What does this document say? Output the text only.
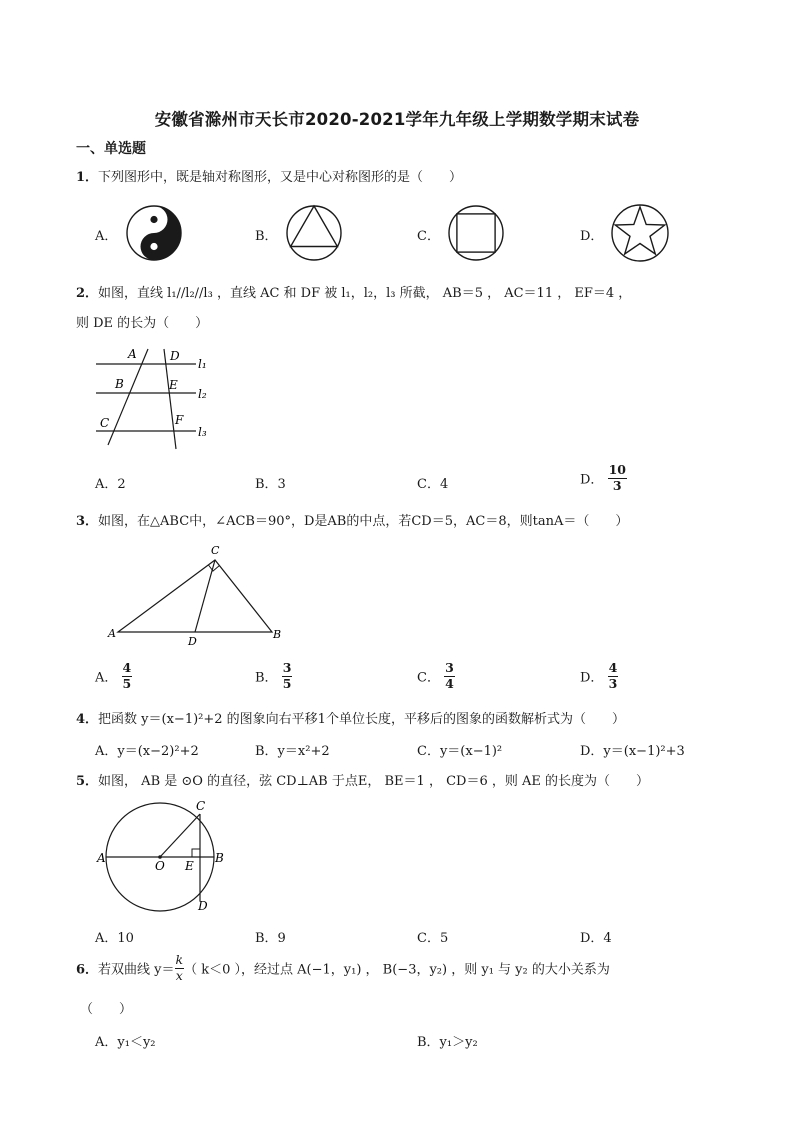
安徽省滁州市天长市2020-2021学年九年级上学期数学期末试卷
一、单选题
1．下列图形中，既是轴对称图形，又是中心对称图形的是（　　）
A．	B．	C．	D．
2．如图，直线 l₁//l₂//l₃ ，直线 AC 和 DF 被 l₁，l₂，l₃ 所截， AB＝5 ， AC＝11 ， EF＝4 ，
则 DE 的长为（　　）
A	D
B	E
C	F
l₁
l₂
l₃
A．2	B．3	C．4	D． $\frac{10}{3}$
3．如图，在△ABC中，∠ACB＝90°，D是AB的中点，若CD＝5，AC＝8，则tanA＝（　　）
C
A
D
B
A． $\frac{4}{5}$	B． $\frac{3}{5}$	C． $\frac{3}{4}$	D． $\frac{4}{3}$
4．把函数 y＝(x−1)²+2 的图象向右平移1个单位长度，平移后的图象的函数解析式为（　　）
A．y＝(x−2)²+2	B．y＝x²+2	C．y＝(x−1)²	D．y＝(x−1)²+3
5．如图， AB 是 ⊙O 的直径，弦 CD⊥AB 于点E， BE＝1 ， CD＝6 ，则 AE 的长度为（　　）
C
A
O E
B
D
A．10	B．9	C．5	D．4
6．若双曲线 $y= \frac{k}{x}$ （ k＜0 ），经过点 A(−1，y₁) ， B(−3，y₂) ，则 y₁ 与 y₂ 的大小关系为
（　　）
A．y₁＜y₂	B．y₁＞y₂
